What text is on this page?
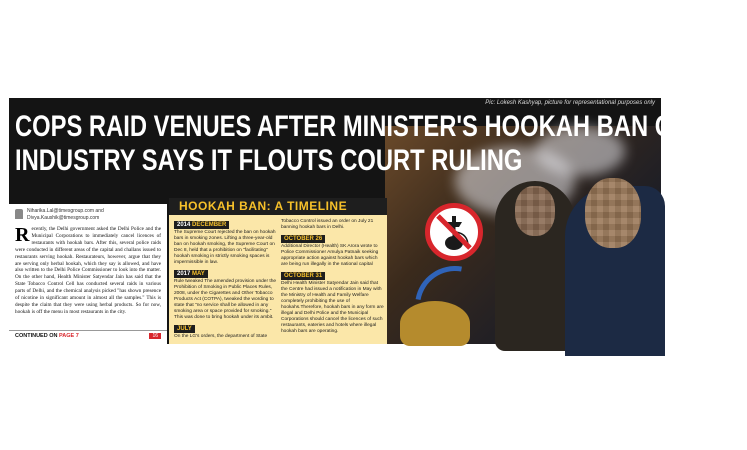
Pic: Lokesh Kashyap, picture for representational purposes only
COPS RAID VENUES AFTER MINISTER'S HOOKAH BAN ORDER,
INDUSTRY SAYS IT FLOUTS COURT RULING
Niharika.Lal@timesgroup.com and
Divya.Kaushik@timesgroup.com
Recently, the Delhi government asked the Delhi Police and the Municipal Corporations to immediately cancel licences of restaurants with hookah bars. After this, several police raids were conducted in different areas of the capital and challans issued to restaurants serving hookah. Restaurateurs, however, argue that they are serving only herbal hookah, which they say is allowed, and have also written to the Delhi Police Commissioner to look into the matter. On the other hand, Health Minister Satyendar Jain has said that the State Tobacco Control Cell has conducted several raids in various parts of Delhi, and the chemical analysis picked "has shown presence of nicotine in significant amount in almost all the samples." This is despite the claim that they were using herbal products. So for now, hookah is off the menu in most restaurants in the city.
CONTINUED ON PAGE 7	16
HOOKAH BAN: A TIMELINE
2014 DECEMBER
The Supreme Court rejected the ban on hookah bars in smoking zones. Lifting a three-year-old ban on hookah smoking, the Supreme Court on Dec 8, held that a prohibition on "facilitating" hookah smoking in strictly smoking spaces is impermissible in law.
2017 MAY
Rule tweaked The amended provision under the Prohibition of Smoking in Public Places Rules, 2008, under the Cigarettes and Other Tobacco Products Act (COTPA), tweaked the wording to state that "no service shall be allowed in any smoking area or space provided for smoking." This was done to bring hookah under its ambit.
JULY
On the LG's orders, the department of State
Tobacco Control issued an order on July 21 banning hookah bars in Delhi.
OCTOBER 26
Additional Director (Health) SK Arora wrote to Police Commissioner Amulya Patnaik seeking appropriate action against hookah bars which are being run illegally in the national capital
OCTOBER 31
Delhi Health Minister Satyendar Jain said that the Centre had issued a notification in May with the Ministry of Health and Family Welfare completely prohibiting the use of hookahs.Therefore, hookah bars in any form are illegal and Delhi Police and the Municipal Corporations should cancel the licences of such restaurants, eateries and hotels where illegal hookah bars are operating.
